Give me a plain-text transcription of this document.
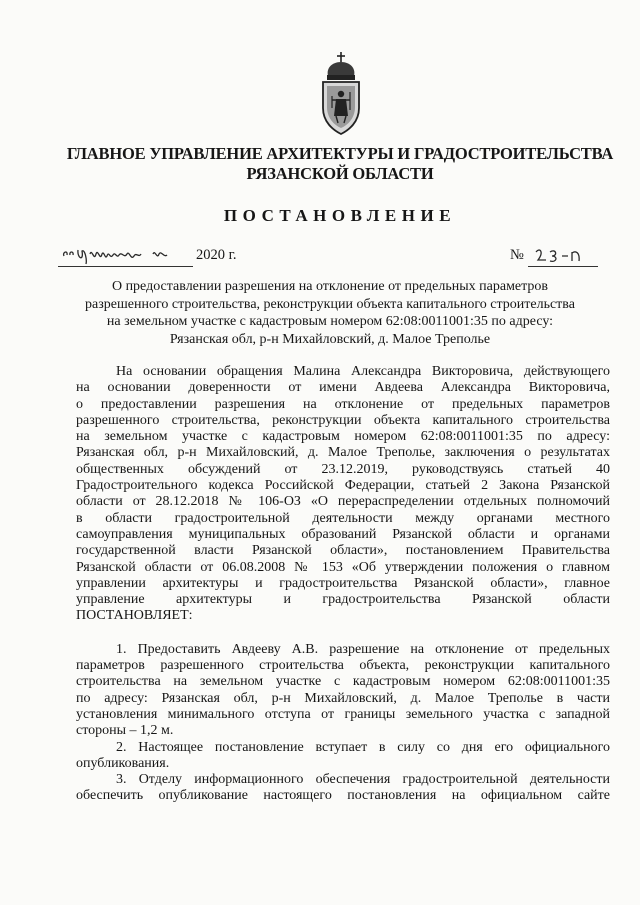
ГЛАВНОЕ УПРАВЛЕНИЕ АРХИТЕКТУРЫ И ГРАДОСТРОИТЕЛЬСТВА
РЯЗАНСКОЙ ОБЛАСТИ
ПОСТАНОВЛЕНИЕ
2020 г.	№
О предоставлении разрешения на отклонение от предельных параметров
разрешенного строительства, реконструкции объекта капитального строительства
на земельном участке с кадастровым номером 62:08:0011001:35 по адресу:
Рязанская обл, р-н Михайловский, д. Малое Треполье
На основании обращения Малина Александра Викторовича, действующего
на основании доверенности от имени Авдеева Александра Викторовича,
о предоставлении разрешения на отклонение от предельных параметров
разрешенного строительства, реконструкции объекта капитального строительства
на земельном участке с кадастровым номером 62:08:0011001:35 по адресу:
Рязанская обл, р-н Михайловский, д. Малое Треполье, заключения о результатах
общественных обсуждений от 23.12.2019, руководствуясь статьей 40
Градостроительного кодекса Российской Федерации, статьей 2 Закона Рязанской
области от 28.12.2018 № 106-ОЗ «О перераспределении отдельных полномочий
в области градостроительной деятельности между органами местного
самоуправления муниципальных образований Рязанской области и органами
государственной власти Рязанской области», постановлением Правительства
Рязанской области от 06.08.2008 № 153 «Об утверждении положения о главном
управлении архитектуры и градостроительства Рязанской области», главное
управление архитектуры и градостроительства Рязанской области
ПОСТАНОВЛЯЕТ:
1. Предоставить Авдееву А.В. разрешение на отклонение от предельных
параметров разрешенного строительства объекта, реконструкции капитального
строительства на земельном участке с кадастровым номером 62:08:0011001:35
по адресу: Рязанская обл, р-н Михайловский, д. Малое Треполье в части
установления минимального отступа от границы земельного участка с западной
стороны – 1,2 м.
2. Настоящее постановление вступает в силу со дня его официального
опубликования.
3. Отделу информационного обеспечения градостроительной деятельности
обеспечить опубликование настоящего постановления на официальном сайте
